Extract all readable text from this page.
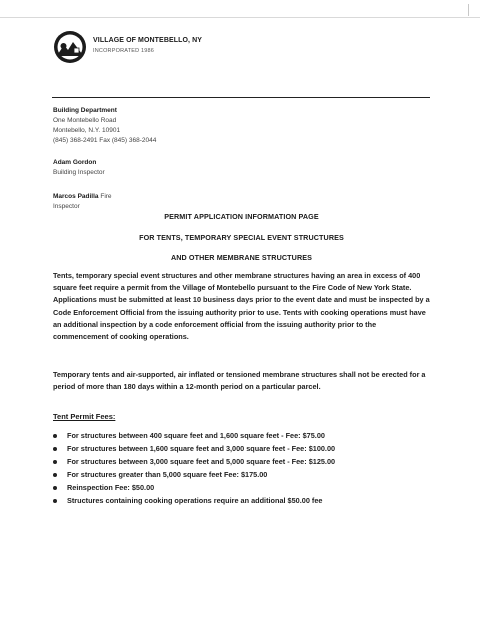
VILLAGE OF MONTEBELLO, NY
INCORPORATED 1986
Building Department
One Montebello Road
Montebello, N.Y. 10901
(845) 368-2491 Fax (845) 368-2044
Adam Gordon
Building Inspector
Marcos Padilla Fire
Inspector
PERMIT APPLICATION INFORMATION PAGE
FOR TENTS, TEMPORARY SPECIAL EVENT STRUCTURES
AND OTHER MEMBRANE STRUCTURES
Tents, temporary special event structures and other membrane structures having an area in excess of 400 square feet require a permit from the Village of Montebello pursuant to the Fire Code of New York State. Applications must be submitted at least 10 business days prior to the event date and must be inspected by a Code Enforcement Official from the issuing authority prior to use. Tents with cooking operations must have an additional inspection by a code enforcement official from the issuing authority prior to the commencement of cooking operations.
Temporary tents and air-supported, air inflated or tensioned membrane structures shall not be erected for a period of more than 180 days within a 12-month period on a particular parcel.
Tent Permit Fees:
For structures between 400 square feet and 1,600 square feet - Fee: $75.00
For structures between 1,600 square feet and 3,000 square feet - Fee: $100.00
For structures between 3,000 square feet and 5,000 square feet - Fee: $125.00
For structures greater than 5,000 square feet Fee: $175.00
Reinspection Fee: $50.00
Structures containing cooking operations require an additional $50.00 fee
